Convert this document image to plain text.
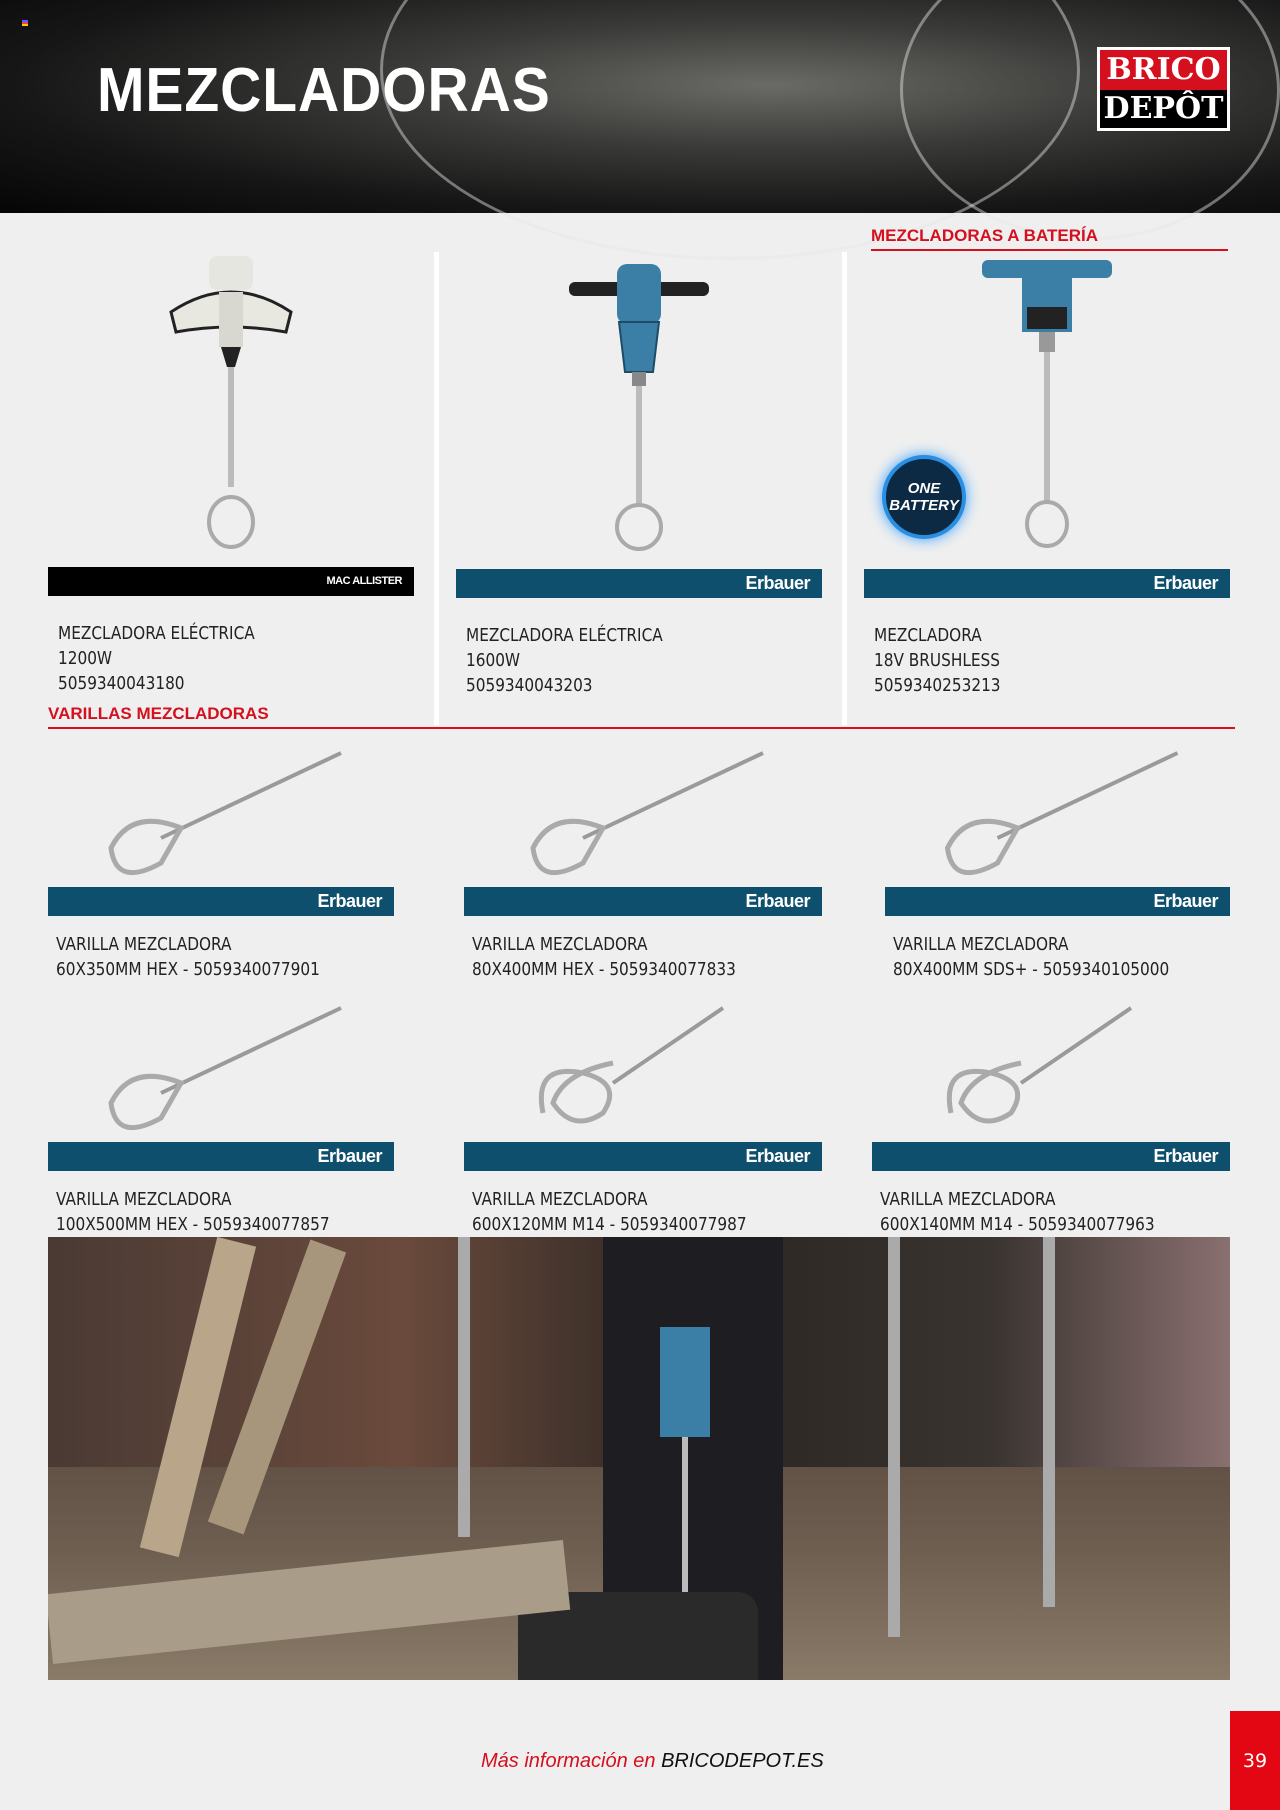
MEZCLADORAS	BRICO
DEPÔT
MEZCLADORAS A BATERÍA
MAC ALLISTER
MEZCLADORA ELÉCTRICA
1200W
5059340043180
Erbauer
MEZCLADORA ELÉCTRICA
1600W
5059340043203
Erbauer
MEZCLADORA
18V BRUSHLESS
5059340253213
ONE
BATTERY
VARILLAS MEZCLADORAS
Erbauer
VARILLA MEZCLADORA
60X350MM HEX - 5059340077901
Erbauer
VARILLA MEZCLADORA
80X400MM HEX - 5059340077833
Erbauer
VARILLA MEZCLADORA
80X400MM SDS+ - 5059340105000
Erbauer
VARILLA MEZCLADORA
100X500MM HEX - 5059340077857
Erbauer
VARILLA MEZCLADORA
600X120MM M14 - 5059340077987
Erbauer
VARILLA MEZCLADORA
600X140MM M14 - 5059340077963
Más información en BRICODEPOT.ES	39
